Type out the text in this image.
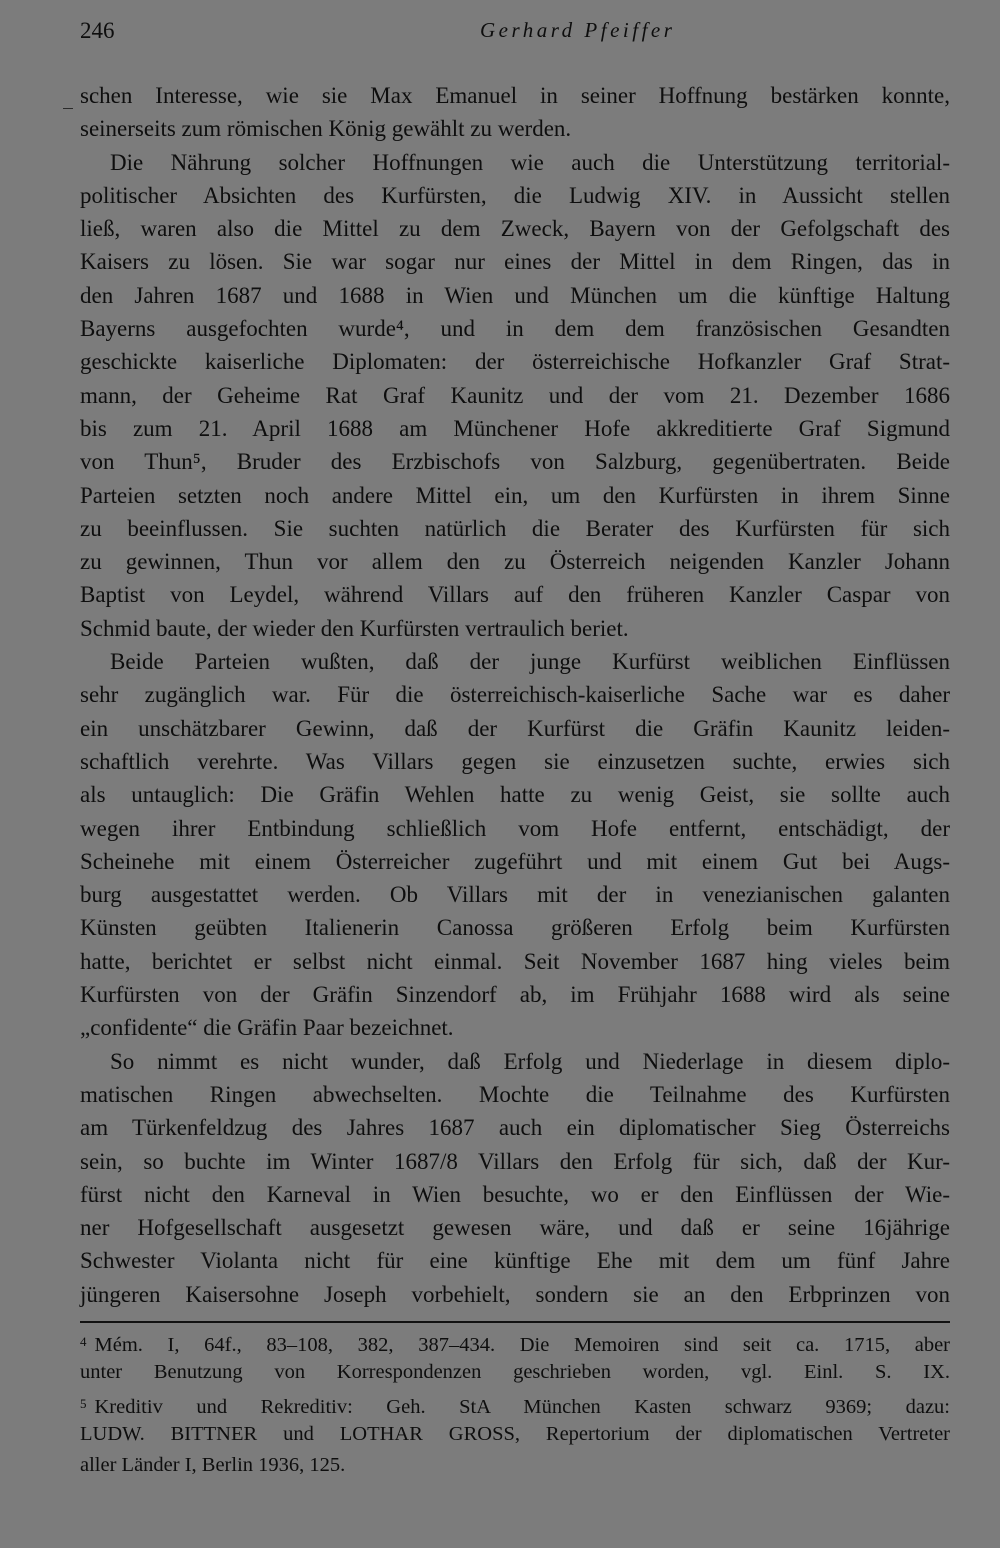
246	Gerhard Pfeiffer
schen Interesse, wie sie Max Emanuel in seiner Hoffnung bestärken konnte,
seinerseits zum römischen König gewählt zu werden.
Die Nährung solcher Hoffnungen wie auch die Unterstützung territorial-
politischer Absichten des Kurfürsten, die Ludwig XIV. in Aussicht stellen
ließ, waren also die Mittel zu dem Zweck, Bayern von der Gefolgschaft des
Kaisers zu lösen. Sie war sogar nur eines der Mittel in dem Ringen, das in
den Jahren 1687 und 1688 in Wien und München um die künftige Haltung
Bayerns ausgefochten wurde⁴, und in dem dem französischen Gesandten
geschickte kaiserliche Diplomaten: der österreichische Hofkanzler Graf Strat-
mann, der Geheime Rat Graf Kaunitz und der vom 21. Dezember 1686
bis zum 21. April 1688 am Münchener Hofe akkreditierte Graf Sigmund
von Thun⁵, Bruder des Erzbischofs von Salzburg, gegenübertraten. Beide
Parteien setzten noch andere Mittel ein, um den Kurfürsten in ihrem Sinne
zu beeinflussen. Sie suchten natürlich die Berater des Kurfürsten für sich
zu gewinnen, Thun vor allem den zu Österreich neigenden Kanzler Johann
Baptist von Leydel, während Villars auf den früheren Kanzler Caspar von
Schmid baute, der wieder den Kurfürsten vertraulich beriet.
Beide Parteien wußten, daß der junge Kurfürst weiblichen Einflüssen
sehr zugänglich war. Für die österreichisch-kaiserliche Sache war es daher
ein unschätzbarer Gewinn, daß der Kurfürst die Gräfin Kaunitz leiden-
schaftlich verehrte. Was Villars gegen sie einzusetzen suchte, erwies sich
als untauglich: Die Gräfin Wehlen hatte zu wenig Geist, sie sollte auch
wegen ihrer Entbindung schließlich vom Hofe entfernt, entschädigt, der
Scheinehe mit einem Österreicher zugeführt und mit einem Gut bei Augs-
burg ausgestattet werden. Ob Villars mit der in venezianischen galanten
Künsten geübten Italienerin Canossa größeren Erfolg beim Kurfürsten
hatte, berichtet er selbst nicht einmal. Seit November 1687 hing vieles beim
Kurfürsten von der Gräfin Sinzendorf ab, im Frühjahr 1688 wird als seine
„confidente“ die Gräfin Paar bezeichnet.
So nimmt es nicht wunder, daß Erfolg und Niederlage in diesem diplo-
matischen Ringen abwechselten. Mochte die Teilnahme des Kurfürsten
am Türkenfeldzug des Jahres 1687 auch ein diplomatischer Sieg Österreichs
sein, so buchte im Winter 1687/8 Villars den Erfolg für sich, daß der Kur-
fürst nicht den Karneval in Wien besuchte, wo er den Einflüssen der Wie-
ner Hofgesellschaft ausgesetzt gewesen wäre, und daß er seine 16jährige
Schwester Violanta nicht für eine künftige Ehe mit dem um fünf Jahre
jüngeren Kaisersohne Joseph vorbehielt, sondern sie an den Erbprinzen von
$^4$ Mém. I, 64f., 83–108, 382, 387–434. Die Memoiren sind seit ca. 1715, aber
unter Benutzung von Korrespondenzen geschrieben worden, vgl. Einl. S. IX.
$^5$ Kreditiv und Rekreditiv: Geh. StA München Kasten schwarz 9369; dazu:
LUDW. BITTNER und LOTHAR GROSS, Repertorium der diplomatischen Vertreter
aller Länder I, Berlin 1936, 125.
